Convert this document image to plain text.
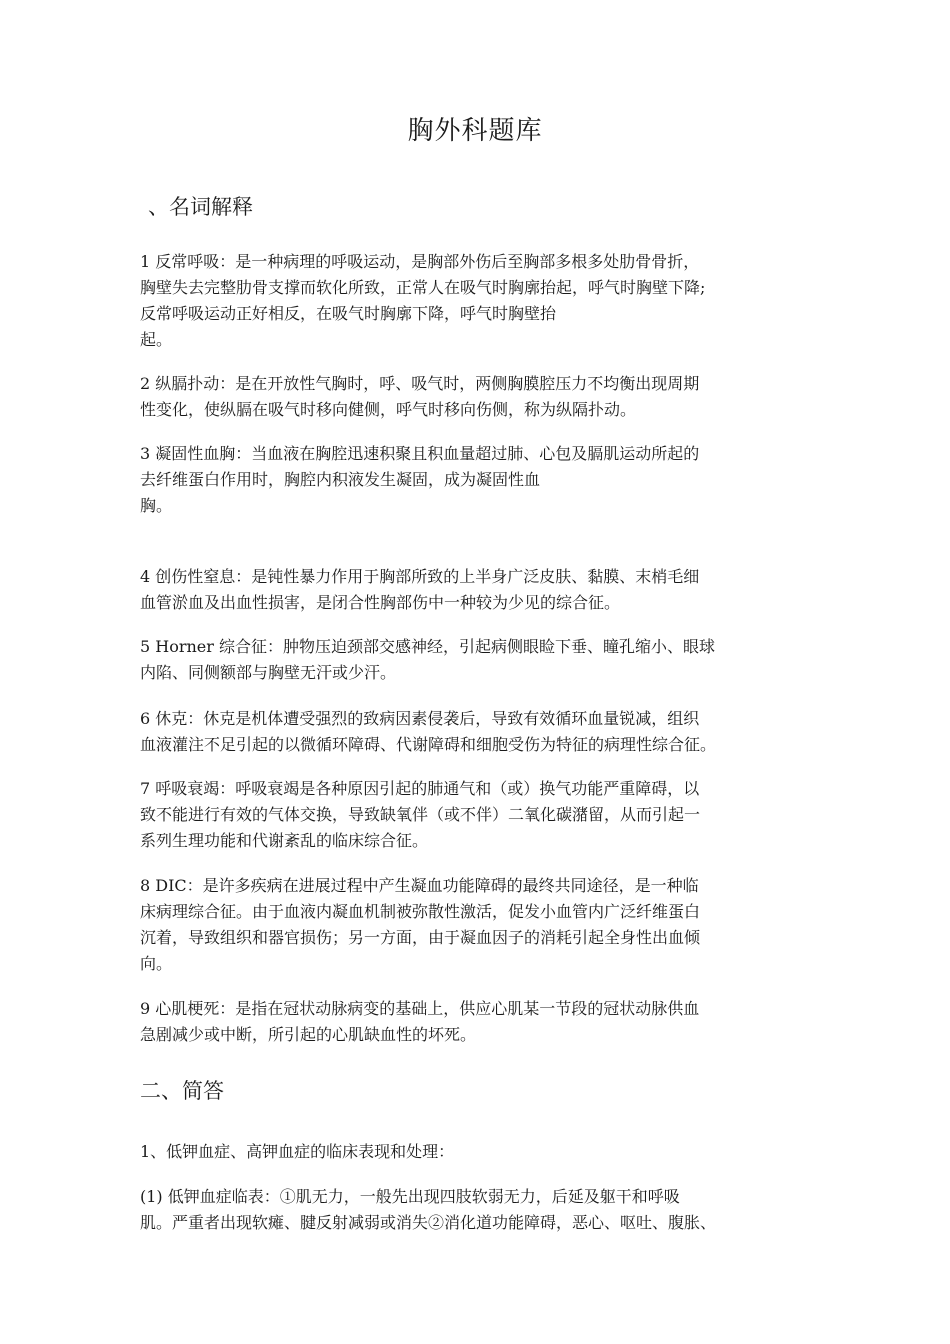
胸外科题库
、名词解释

1 反常呼吸：是一种病理的呼吸运动，是胸部外伤后至胸部多根多处肋骨骨折，
胸壁失去完整肋骨支撑而软化所致，正常人在吸气时胸廓抬起，呼气时胸壁下降;
反常呼吸运动正好相反，在吸气时胸廓下降，呼气时胸壁抬
起。

2 纵膈扑动：是在开放性气胸时，呼、吸气时，两侧胸膜腔压力不均衡出现周期
性变化，使纵膈在吸气时移向健侧，呼气时移向伤侧，称为纵隔扑动。

3 凝固性血胸：当血液在胸腔迅速积聚且积血量超过肺、心包及膈肌运动所起的
去纤维蛋白作用时，胸腔内积液发生凝固，成为凝固性血
胸。

4 创伤性窒息：是钝性暴力作用于胸部所致的上半身广泛皮肤、黏膜、末梢毛细
血管淤血及出血性损害，是闭合性胸部伤中一种较为少见的综合征。

5 Horner 综合征：肿物压迫颈部交感神经，引起病侧眼睑下垂、瞳孔缩小、眼球
内陷、同侧额部与胸壁无汗或少汗。

6 休克：休克是机体遭受强烈的致病因素侵袭后，导致有效循环血量锐减，组织
血液灌注不足引起的以微循环障碍、代谢障碍和细胞受伤为特征的病理性综合征。

7 呼吸衰竭：呼吸衰竭是各种原因引起的肺通气和（或）换气功能严重障碍，以
致不能进行有效的气体交换，导致缺氧伴（或不伴）二氧化碳潴留，从而引起一
系列生理功能和代谢紊乱的临床综合征。

8 DIC：是许多疾病在进展过程中产生凝血功能障碍的最终共同途径，是一种临
床病理综合征。由于血液内凝血机制被弥散性激活，促发小血管内广泛纤维蛋白
沉着，导致组织和器官损伤；另一方面，由于凝血因子的消耗引起全身性出血倾
向。

9 心肌梗死：是指在冠状动脉病变的基础上，供应心肌某一节段的冠状动脉供血
急剧减少或中断，所引起的心肌缺血性的坏死。

二、简答

1、低钾血症、高钾血症的临床表现和处理：

(1) 低钾血症临表：①肌无力，一般先出现四肢软弱无力，后延及躯干和呼吸
肌。严重者出现软瘫、腱反射减弱或消失②消化道功能障碍，恶心、呕吐、腹胀、
